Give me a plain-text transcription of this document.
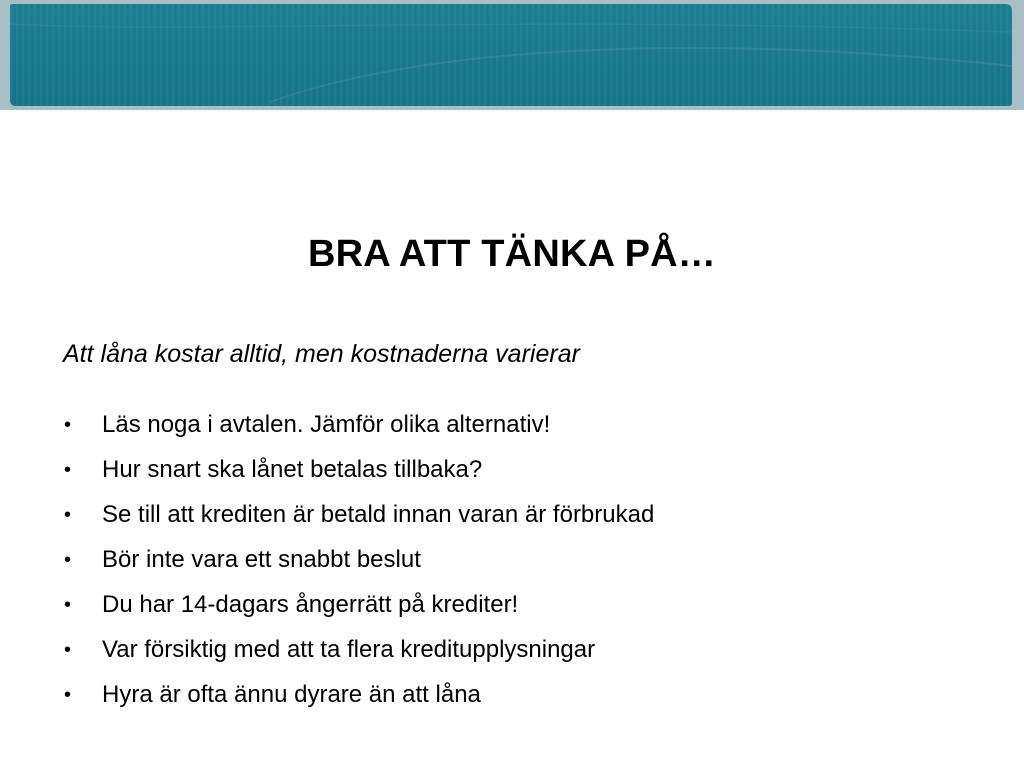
BRA ATT TÄNKA PÅ…
Att låna kostar alltid, men kostnaderna varierar
• Läs noga i avtalen. Jämför olika alternativ!
• Hur snart ska lånet betalas tillbaka?
• Se till att krediten är betald innan varan är förbrukad
• Bör inte vara ett snabbt beslut
• Du har 14-dagars ångerrätt på krediter!
• Var försiktig med att ta flera kreditupplysningar
• Hyra är ofta ännu dyrare än att låna
